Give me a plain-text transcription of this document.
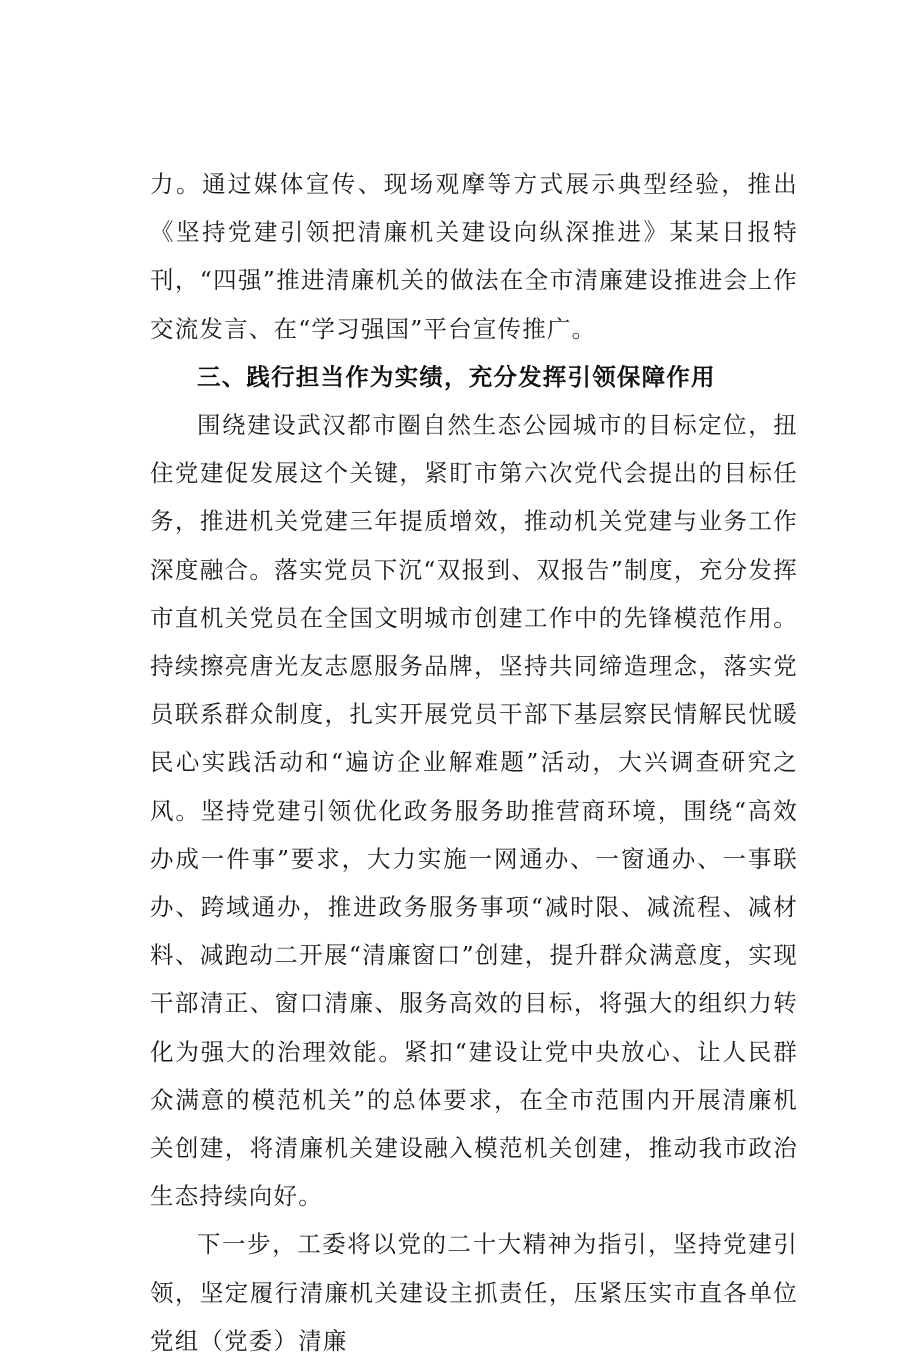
力。通过媒体宣传、现场观摩等方式展示典型经验，推出《坚持党建引领把清廉机关建设向纵深推进》某某日报特刊，“四强”推进清廉机关的做法在全市清廉建设推进会上作交流发言、在“学习强国”平台宣传推广。

三、践行担当作为实绩，充分发挥引领保障作用

围绕建设武汉都市圈自然生态公园城市的目标定位，扭住党建促发展这个关键，紧盯市第六次党代会提出的目标任务，推进机关党建三年提质增效，推动机关党建与业务工作深度融合。落实党员下沉“双报到、双报告”制度，充分发挥市直机关党员在全国文明城市创建工作中的先锋模范作用。持续擦亮唐光友志愿服务品牌，坚持共同缔造理念，落实党员联系群众制度，扎实开展党员干部下基层察民情解民忧暖民心实践活动和“遍访企业解难题”活动，大兴调查研究之风。坚持党建引领优化政务服务助推营商环境，围绕“高效办成一件事”要求，大力实施一网通办、一窗通办、一事联办、跨域通办，推进政务服务事项“减时限、减流程、减材料、减跑动二开展“清廉窗口”创建，提升群众满意度，实现干部清正、窗口清廉、服务高效的目标，将强大的组织力转化为强大的治理效能。紧扣“建设让党中央放心、让人民群众满意的模范机关”的总体要求，在全市范围内开展清廉机关创建，将清廉机关建设融入模范机关创建，推动我市政治生态持续向好。

下一步，工委将以党的二十大精神为指引，坚持党建引领，坚定履行清廉机关建设主抓责任，压紧压实市直各单位党组（党委）清廉
